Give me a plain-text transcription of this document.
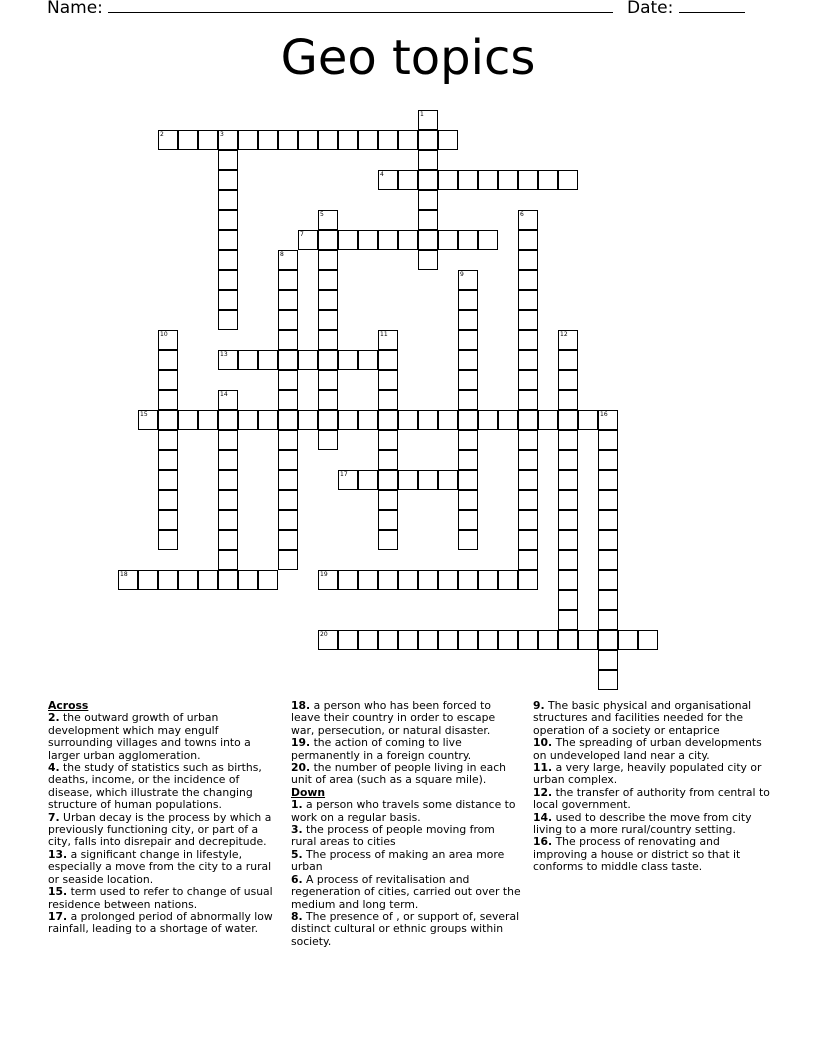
Name:	Date:
Geo topics
1
2	3
4
5	6
7
8
9
10	11	12
13
14
15	16
17
18	19
20
Across
2. the outward growth of urban development which may engulf surrounding villages and towns into a larger urban agglomeration.
4. the study of statistics such as births, deaths, income, or the incidence of disease, which illustrate the changing structure of human populations.
7. Urban decay is the process by which a previously functioning city, or part of a city, falls into disrepair and decrepitude.
13. a significant change in lifestyle, especially a move from the city to a rural or seaside location.
15. term used to refer to change of usual residence between nations.
17. a prolonged period of abnormally low rainfall, leading to a shortage of water.
18. a person who has been forced to leave their country in order to escape war, persecution, or natural disaster.
19. the action of coming to live permanently in a foreign country.
20. the number of people living in each unit of area (such as a square mile).
Down
1. a person who travels some distance to work on a regular basis.
3. the process of people moving from rural areas to cities
5. The process of making an area more urban
6. A process of revitalisation and regeneration of cities, carried out over the medium and long term.
8. The presence of , or support of, several distinct cultural or ethnic groups within society.
9. The basic physical and organisational structures and facilities needed for the operation of a society or entaprice
10. The spreading of urban developments on undeveloped land near a city.
11. a very large, heavily populated city or urban complex.
12. the transfer of authority from central to local government.
14. used to describe the move from city living to a more rural/country setting.
16. The process of renovating and improving a house or district so that it conforms to middle class taste.
